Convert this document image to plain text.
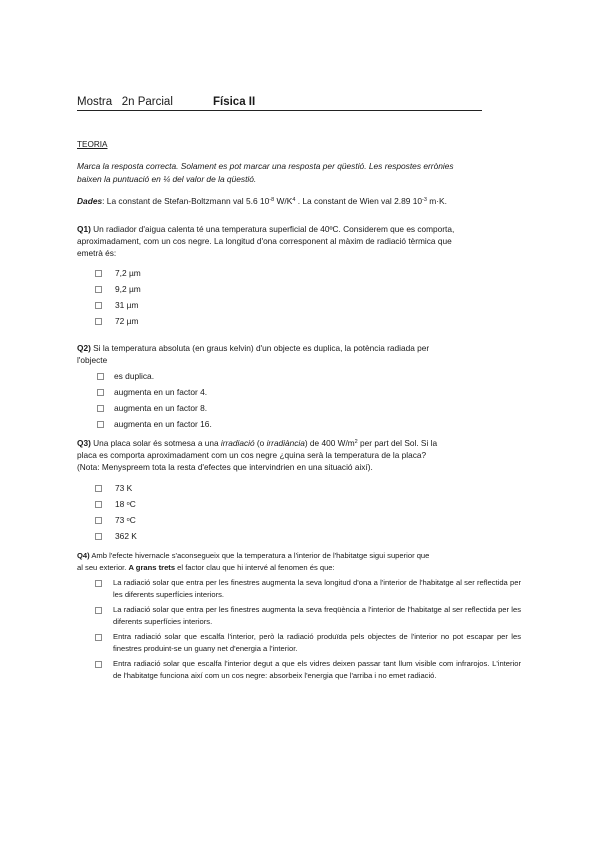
Mostra   2n Parcial	Física II
TEORIA
Marca la resposta correcta. Solament es pot marcar una resposta per qüestió. Les respostes errònies
baixen la puntuació en ¼ del valor de la qüestió.
Dades: La constant de Stefan-Boltzmann val 5.6 $10^{-8}$ $W/K^4$ . La constant de Wien val 2.89 $10^{-3}$ m·K.
Q1) Un radiador d'aigua calenta té una temperatura superficial de 40ºC. Considerem que es comporta,
aproximadament, com un cos negre. La longitud d'ona corresponent al màxim de radiació tèrmica que
emetrà és:
7,2 µm
9,2 µm
31 µm
72 µm
Q2) Si la temperatura absoluta (en graus kelvin) d'un objecte es duplica, la potència radiada per
l'objecte
es duplica.
augmenta en un factor 4.
augmenta en un factor 8.
augmenta en un factor 16.
Q3) Una placa solar és sotmesa a una irradiació (o irradiància) de 400 $W/m^2$ per part del Sol. Si la
placa es comporta aproximadament com un cos negre ¿quina serà la temperatura de la placa?
(Nota: Menyspreem tota la resta d'efectes que intervindrien en una situació així).
73 K
18 o C
73 o C
362 K
Q4) Amb l'efecte hivernacle s'aconsegueix que la temperatura a l'interior de l'habitatge sigui superior que
al seu exterior. A grans trets el factor clau que hi intervé al fenomen és que:
La radiació solar que entra per les finestres augmenta la seva longitud d'ona a l'interior de l'habitatge al ser reflectida per les diferents superfícies interiors.
La radiació solar que entra per les finestres augmenta la seva freqüència a l'interior de l'habitatge al ser reflectida per les diferents superfícies interiors.
Entra radiació solar que escalfa l'interior, però la radiació produïda pels objectes de l'interior no pot escapar per les finestres produint-se un guany net d'energia a l'interior.
Entra radiació solar que escalfa l'interior degut a que els vidres deixen passar tant llum visible com infrarojos. L'interior de l'habitatge funciona així com un cos negre: absorbeix l'energia que l'arriba i no emet radiació.
